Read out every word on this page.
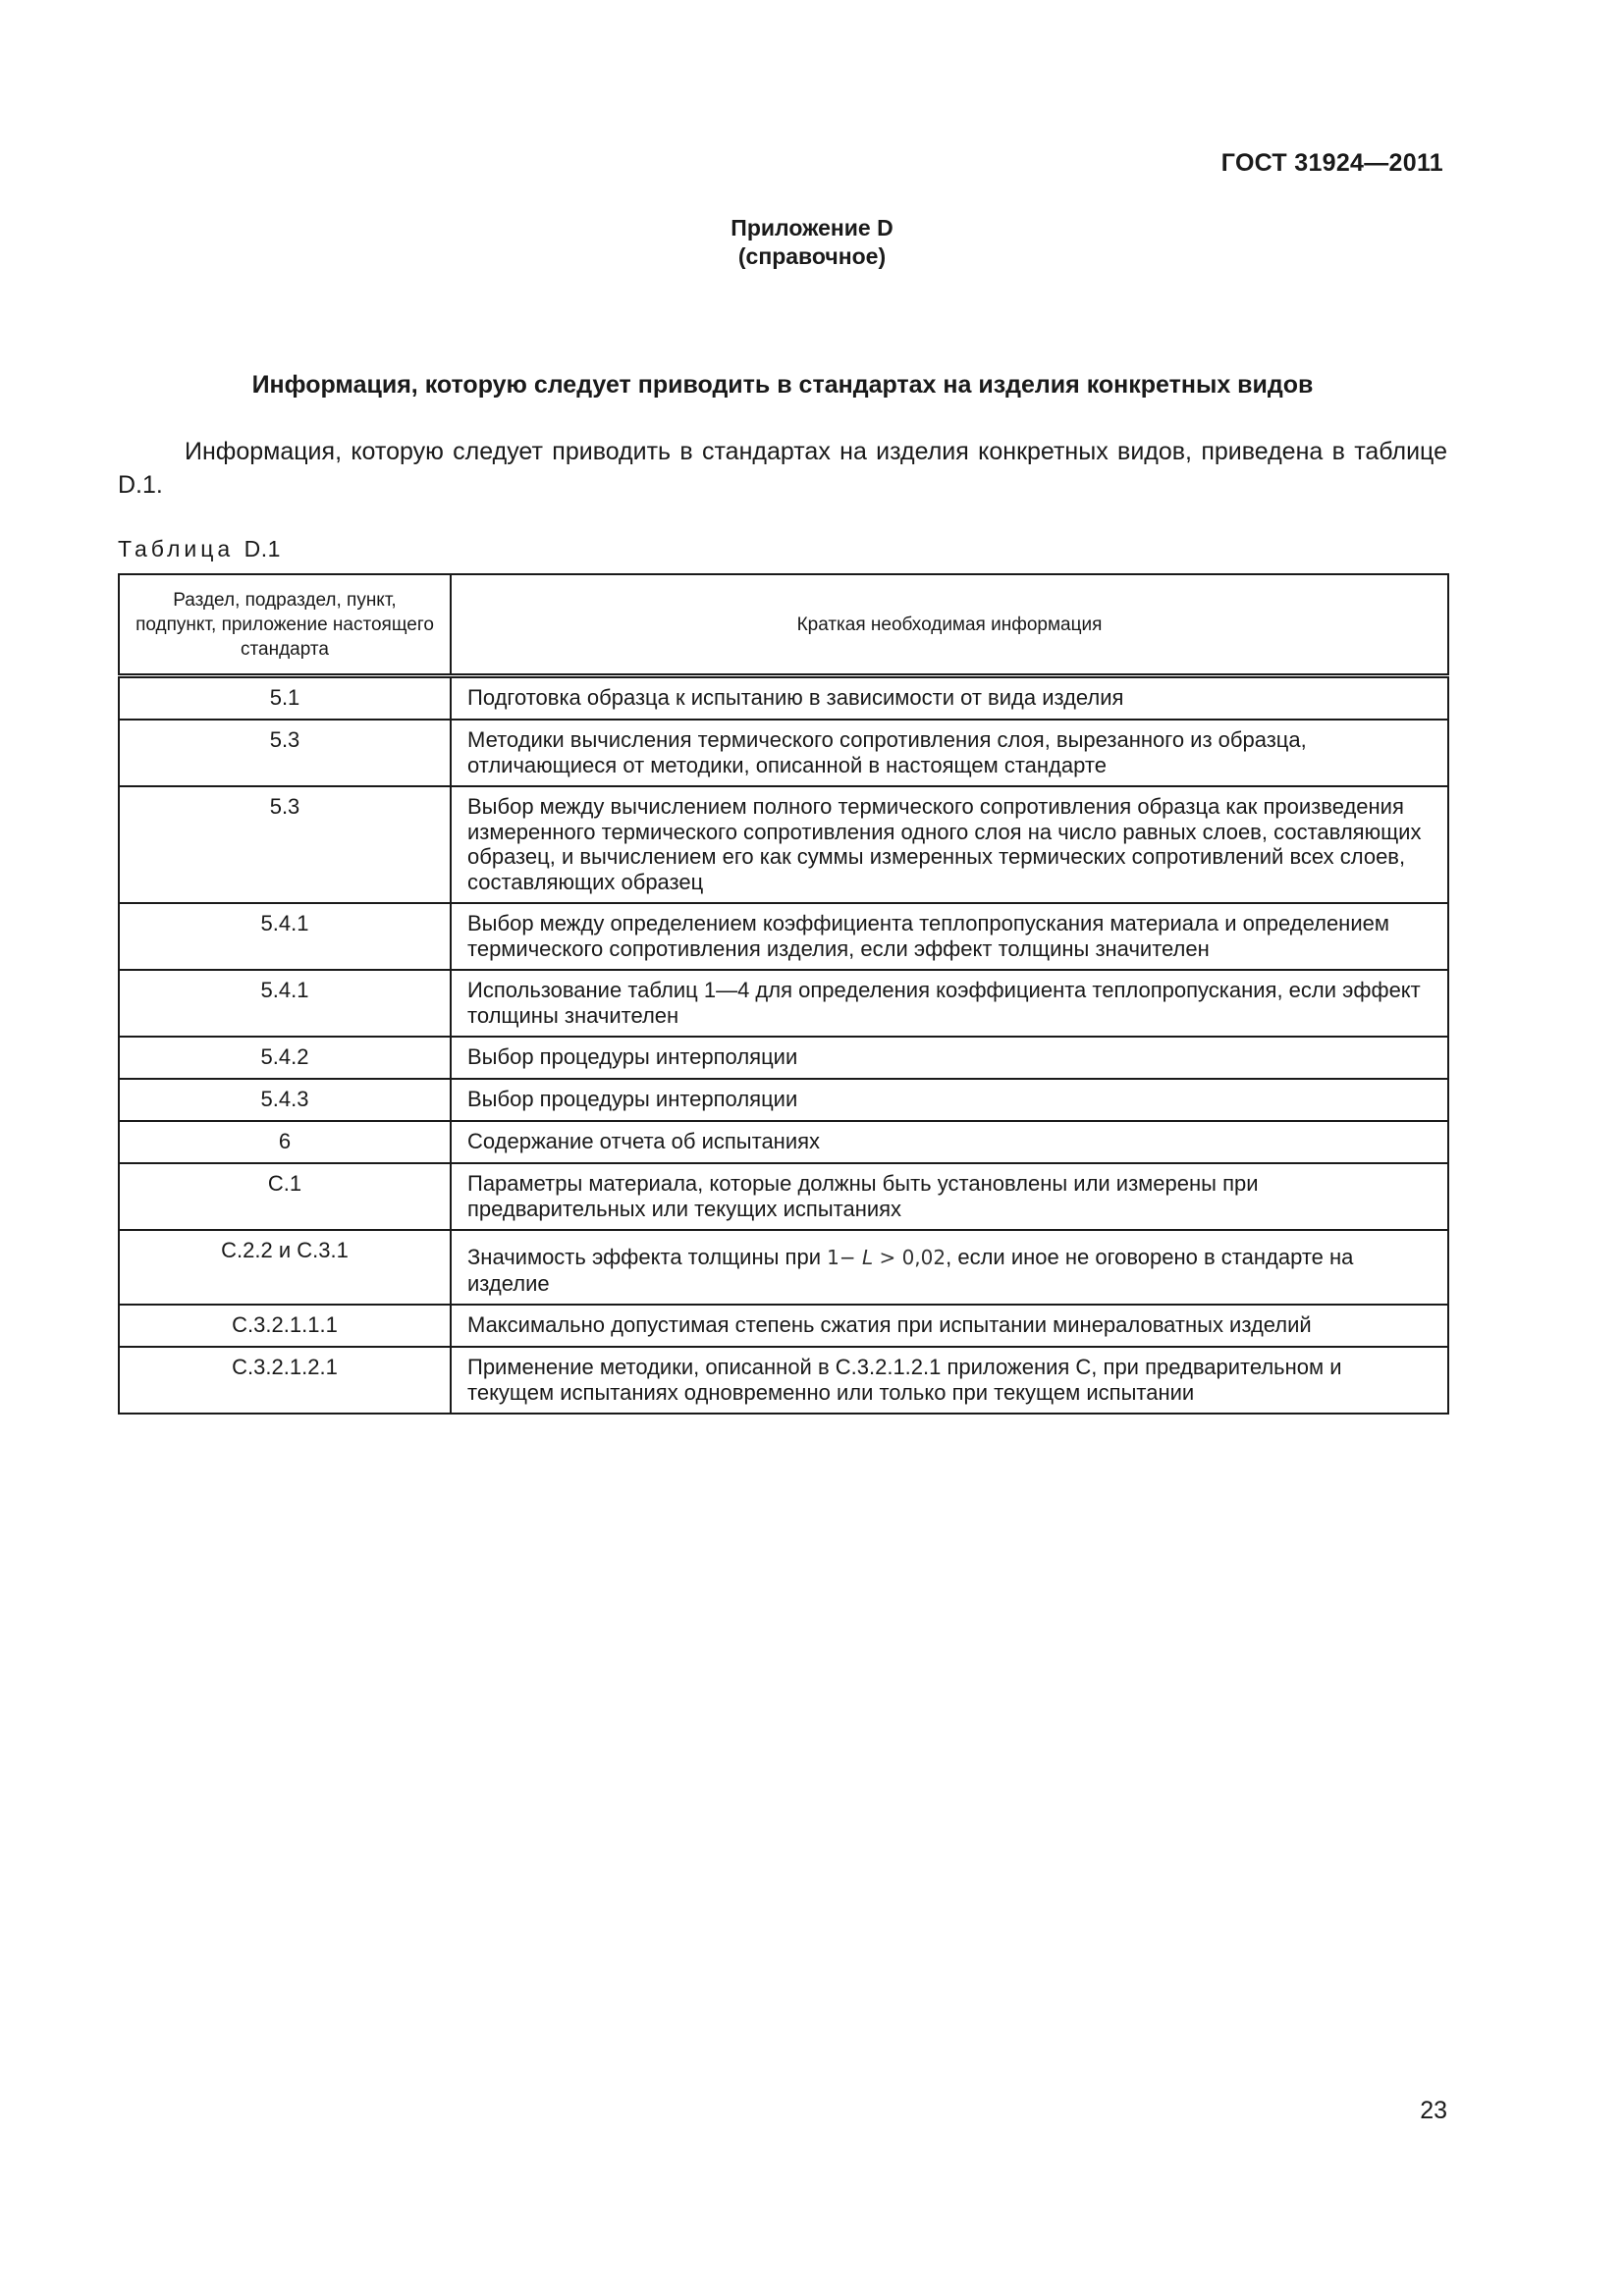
ГОСТ 31924—2011
Приложение D
(справочное)
Информация, которую следует приводить в стандартах на изделия конкретных видов
Информация, которую следует приводить в стандартах на изделия конкретных видов, приведена в таблице D.1.
Таблица D.1
Раздел, подраздел, пункт, подпункт, приложение настоящего стандарта	Краткая необходимая информация
5.1	Подготовка образца к испытанию в зависимости от вида изделия
5.3	Методики вычисления термического сопротивления слоя, вырезанного из образца, отличающиеся от методики, описанной в настоящем стандарте
5.3	Выбор между вычислением полного термического сопротивления образца как произведения измеренного термического сопротивления одного слоя на число равных слоев, составляющих образец, и вычислением его как суммы измеренных термических сопротивлений всех слоев, составляющих образец
5.4.1	Выбор между определением коэффициента теплопропускания материала и определением термического сопротивления изделия, если эффект толщины значителен
5.4.1	Использование таблиц 1—4 для определения коэффициента теплопропускания, если эффект толщины значителен
5.4.2	Выбор процедуры интерполяции
5.4.3	Выбор процедуры интерполяции
6	Содержание отчета об испытаниях
C.1	Параметры материала, которые должны быть установлены или измерены при предварительных или текущих испытаниях
C.2.2 и C.3.1	Значимость эффекта толщины при 1− L > 0,02, если иное не оговорено в стандарте на изделие
C.3.2.1.1.1	Максимально допустимая степень сжатия при испытании минераловатных изделий
C.3.2.1.2.1	Применение методики, описанной в C.3.2.1.2.1 приложения C, при предварительном и текущем испытаниях одновременно или только при текущем испытании
23
